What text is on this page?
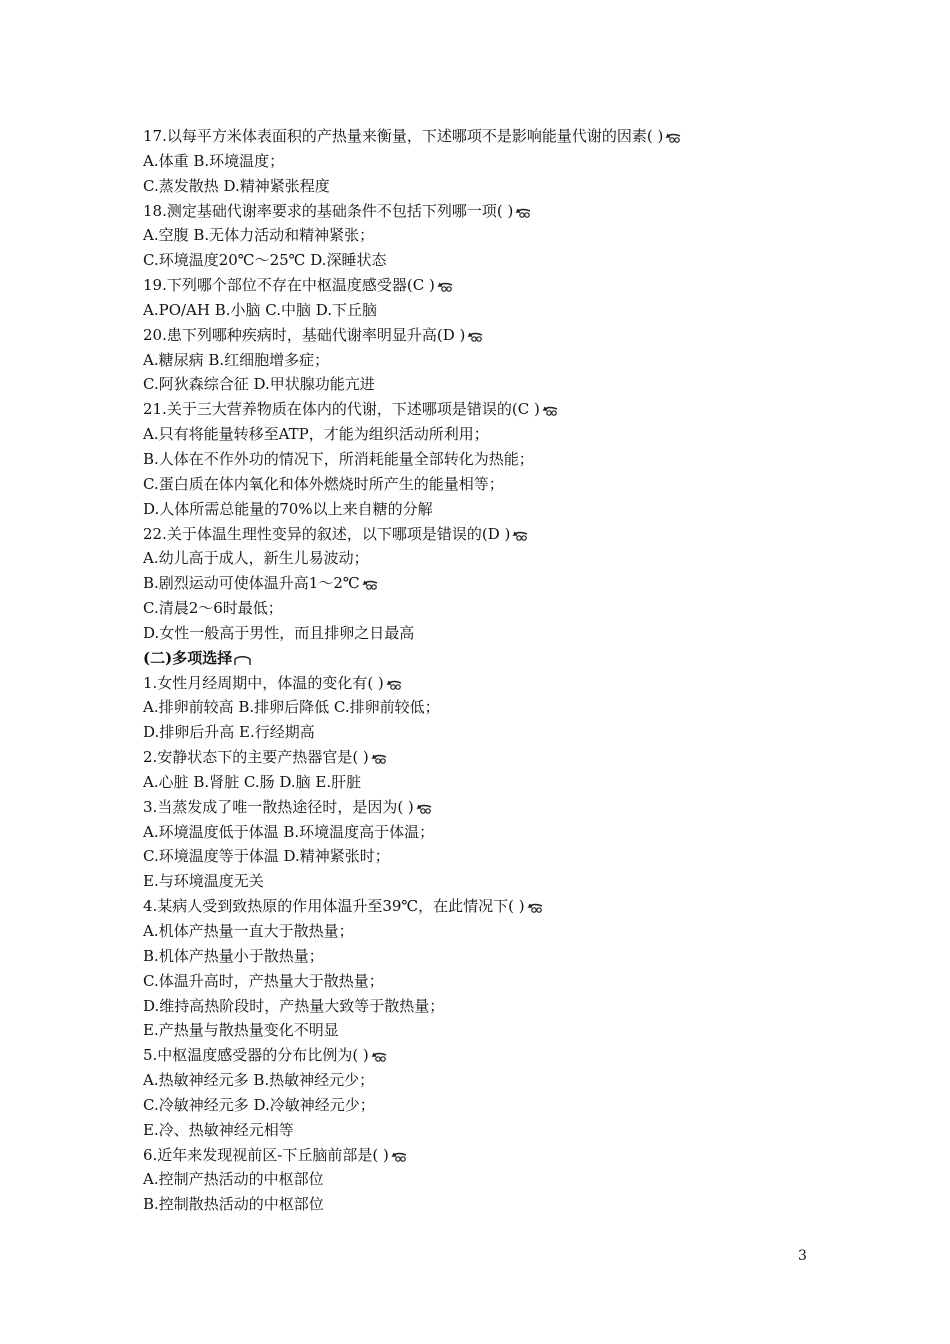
17.以每平方米体表面积的产热量来衡量，下述哪项不是影响能量代谢的因素( )
A.体重 B.环境温度；
C.蒸发散热 D.精神紧张程度
18.测定基础代谢率要求的基础条件不包括下列哪一项( )
A.空腹 B.无体力活动和精神紧张；
C.环境温度20℃～25℃ D.深睡状态
19.下列哪个部位不存在中枢温度感受器(C )
A.PO/AH B.小脑 C.中脑 D.下丘脑
20.患下列哪种疾病时，基础代谢率明显升高(D )
A.糖尿病 B.红细胞增多症；
C.阿狄森综合征 D.甲状腺功能亢进
21.关于三大营养物质在体内的代谢，下述哪项是错误的(C )
A.只有将能量转移至ATP，才能为组织活动所利用；
B.人体在不作外功的情况下，所消耗能量全部转化为热能；
C.蛋白质在体内氧化和体外燃烧时所产生的能量相等；
D.人体所需总能量的70%以上来自糖的分解
22.关于体温生理性变异的叙述，以下哪项是错误的(D )
A.幼儿高于成人，新生儿易波动；
B.剧烈运动可使体温升高1～2℃
C.清晨2～6时最低；
D.女性一般高于男性，而且排卵之日最高
(二)多项选择
1.女性月经周期中，体温的变化有( )
A.排卵前较高 B.排卵后降低 C.排卵前较低；
D.排卵后升高 E.行经期高
2.安静状态下的主要产热器官是( )
A.心脏 B.肾脏 C.肠 D.脑 E.肝脏
3.当蒸发成了唯一散热途径时，是因为( )
A.环境温度低于体温 B.环境温度高于体温；
C.环境温度等于体温 D.精神紧张时；
E.与环境温度无关
4.某病人受到致热原的作用体温升至39℃，在此情况下( )
A.机体产热量一直大于散热量；
B.机体产热量小于散热量；
C.体温升高时，产热量大于散热量；
D.维持高热阶段时，产热量大致等于散热量；
E.产热量与散热量变化不明显
5.中枢温度感受器的分布比例为( )
A.热敏神经元多 B.热敏神经元少；
C.冷敏神经元多 D.冷敏神经元少；
E.冷、热敏神经元相等
6.近年来发现视前区-下丘脑前部是( )
A.控制产热活动的中枢部位
B.控制散热活动的中枢部位
3
